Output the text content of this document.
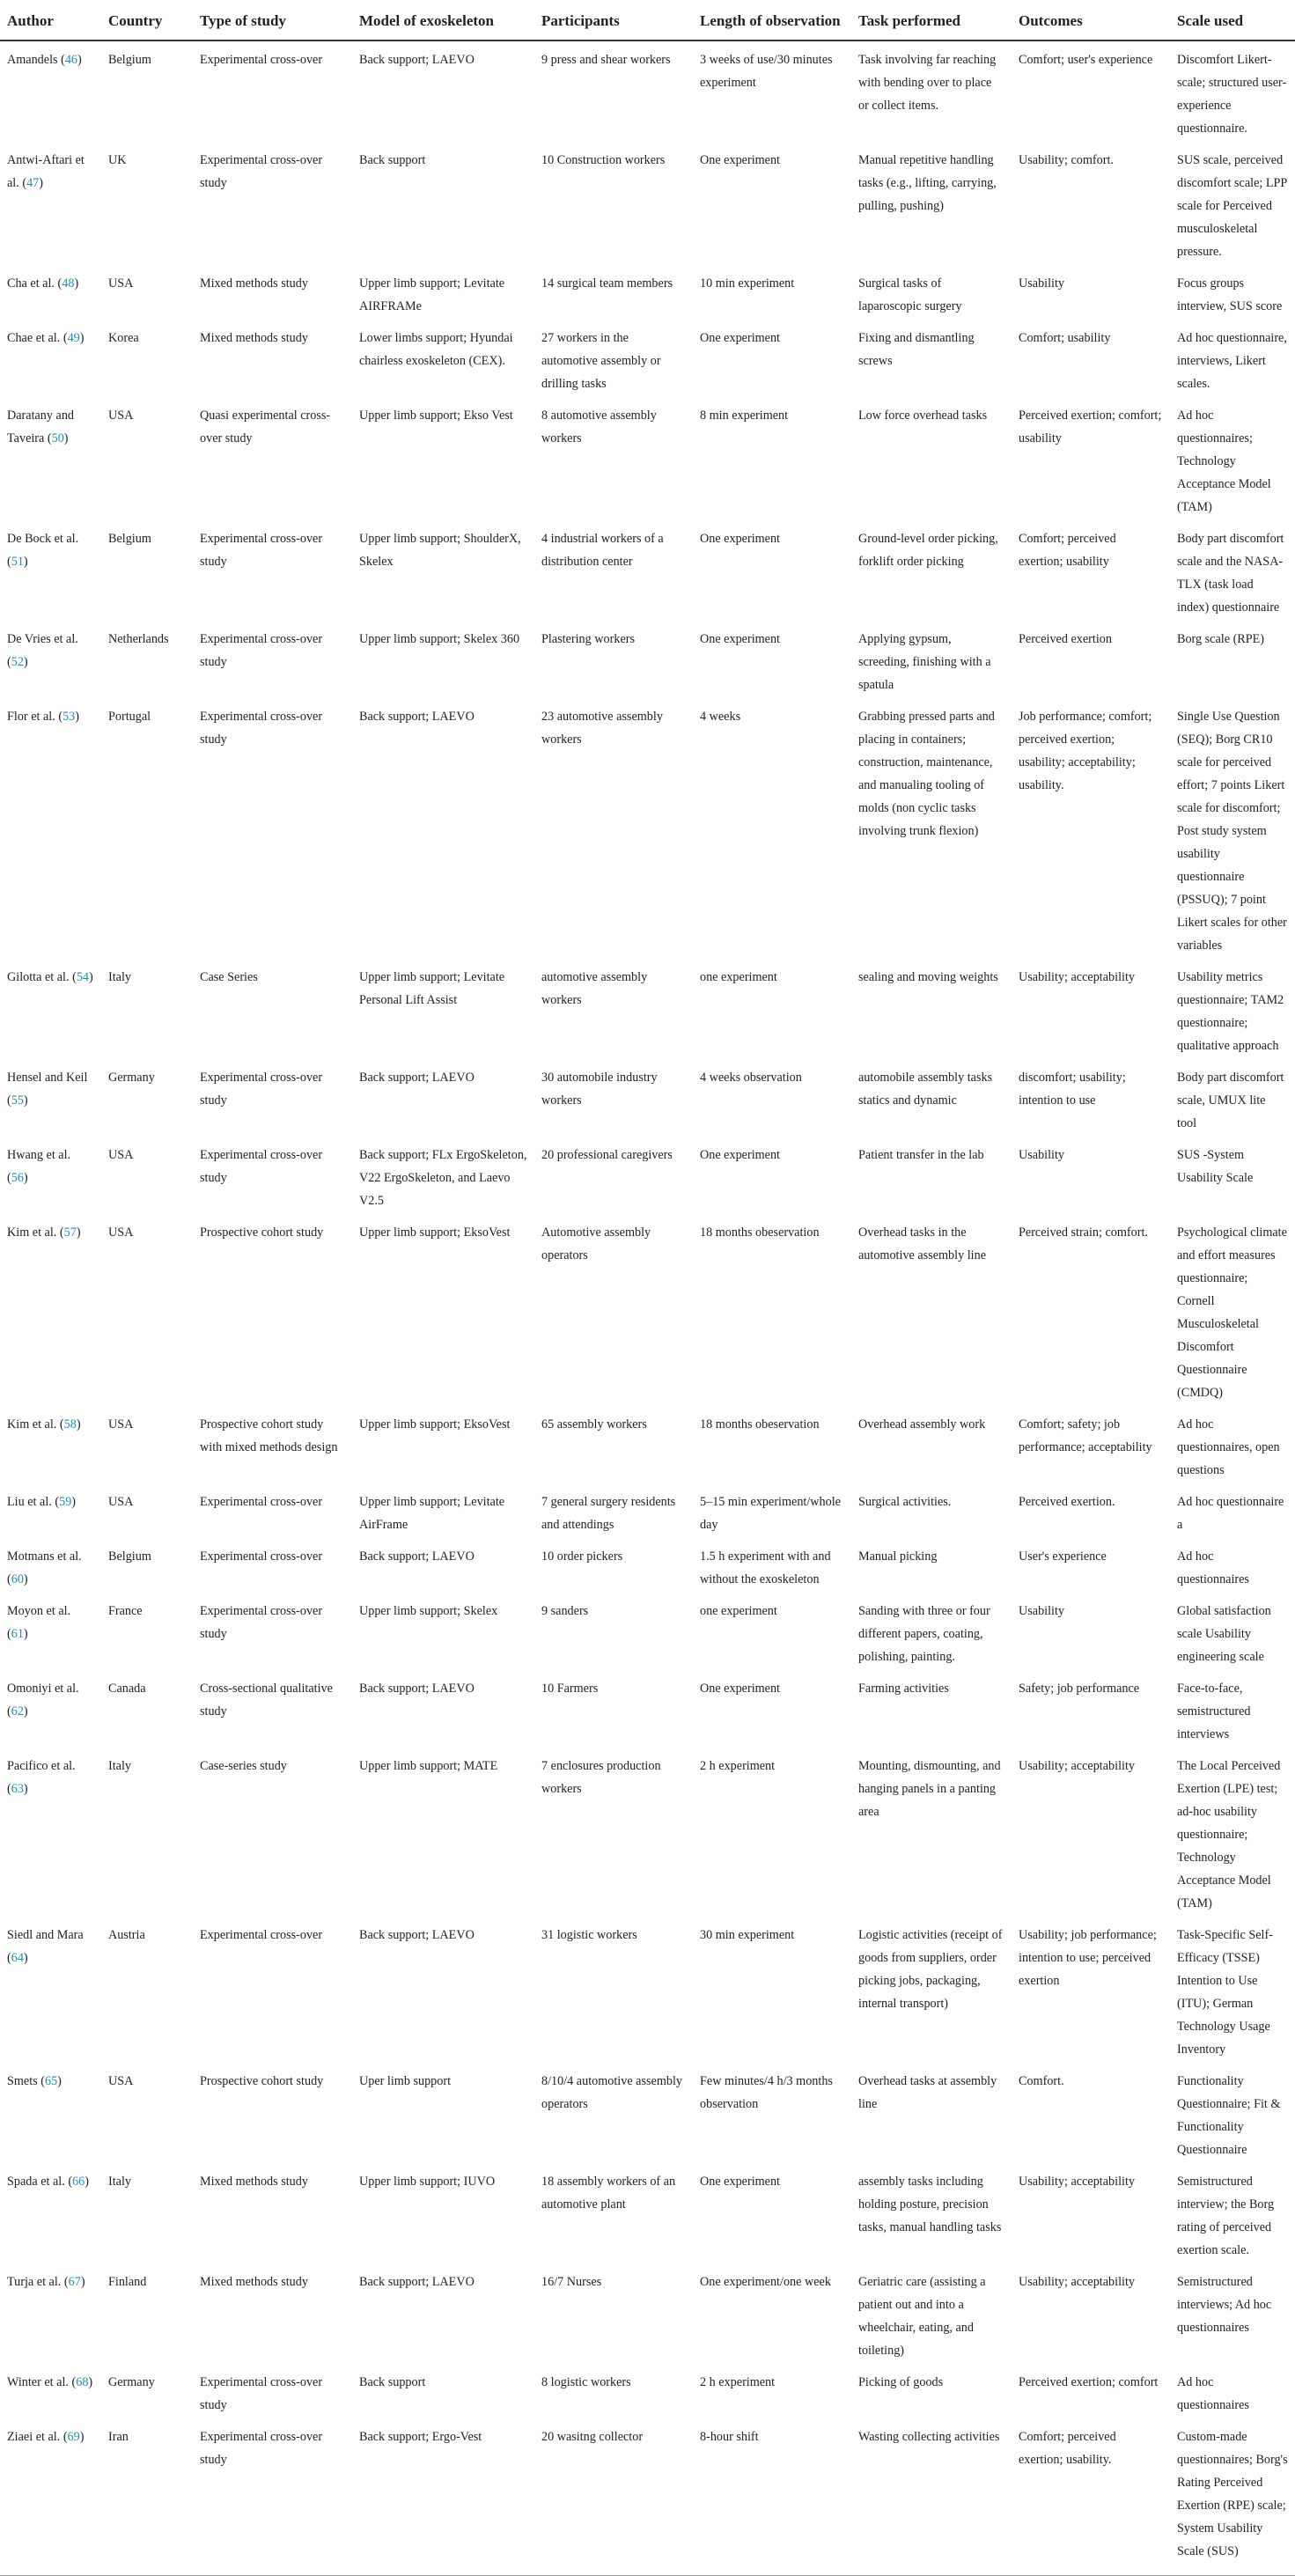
Author	Country	Type of study	Model of exoskeleton	Participants	Length of observation	Task performed	Outcomes	Scale used
Amandels (46)	Belgium	Experimental cross-over	Back support; LAEVO	9 press and shear workers	3 weeks of use/30 minutes experiment	Task involving far reaching with bending over to place or collect items.	Comfort; user's experience	Discomfort Likert-scale; structured user-experience questionnaire.
Antwi-Aftari et al. (47)	UK	Experimental cross-over study	Back support	10 Construction workers	One experiment	Manual repetitive handling tasks (e.g., lifting, carrying, pulling, pushing)	Usability; comfort.	SUS scale, perceived discomfort scale; LPP scale for Perceived musculoskeletal pressure.
Cha et al. (48)	USA	Mixed methods study	Upper limb support; Levitate AIRFRAMe	14 surgical team members	10 min experiment	Surgical tasks of laparoscopic surgery	Usability	Focus groups interview, SUS score
Chae et al. (49)	Korea	Mixed methods study	Lower limbs support; Hyundai chairless exoskeleton (CEX).	27 workers in the automotive assembly or drilling tasks	One experiment	Fixing and dismantling screws	Comfort; usability	Ad hoc questionnaire, interviews, Likert scales.
Daratany and Taveira (50)	USA	Quasi experimental cross-over study	Upper limb support; Ekso Vest	8 automotive assembly workers	8 min experiment	Low force overhead tasks	Perceived exertion; comfort; usability	Ad hoc questionnaires; Technology Acceptance Model (TAM)
De Bock et al. (51)	Belgium	Experimental cross-over study	Upper limb support; ShoulderX, Skelex	4 industrial workers of a distribution center	One experiment	Ground-level order picking, forklift order picking	Comfort; perceived exertion; usability	Body part discomfort scale and the NASA-TLX (task load index) questionnaire
De Vries et al. (52)	Netherlands	Experimental cross-over study	Upper limb support; Skelex 360	Plastering workers	One experiment	Applying gypsum, screeding, finishing with a spatula	Perceived exertion	Borg scale (RPE)
Flor et al. (53)	Portugal	Experimental cross-over study	Back support; LAEVO	23 automotive assembly workers	4 weeks	Grabbing pressed parts and placing in containers; construction, maintenance, and manualing tooling of molds (non cyclic tasks involving trunk flexion)	Job performance; comfort; perceived exertion; usability; acceptability; usability.	Single Use Question (SEQ); Borg CR10 scale for perceived effort; 7 points Likert scale for discomfort; Post study system usability questionnaire (PSSUQ); 7 point Likert scales for other variables
Gilotta et al. (54)	Italy	Case Series	Upper limb support; Levitate Personal Lift Assist	automotive assembly workers	one experiment	sealing and moving weights	Usability; acceptability	Usability metrics questionnaire; TAM2 questionnaire; qualitative approach
Hensel and Keil (55)	Germany	Experimental cross-over study	Back support; LAEVO	30 automobile industry workers	4 weeks observation	automobile assembly tasks statics and dynamic	discomfort; usability; intention to use	Body part discomfort scale, UMUX lite tool
Hwang et al. (56)	USA	Experimental cross-over study	Back support; FLx ErgoSkeleton, V22 ErgoSkeleton, and Laevo V2.5	20 professional caregivers	One experiment	Patient transfer in the lab	Usability	SUS -System Usability Scale
Kim et al. (57)	USA	Prospective cohort study	Upper limb support; EksoVest	Automotive assembly operators	18 months obeservation	Overhead tasks in the automotive assembly line	Perceived strain; comfort.	Psychological climate and effort measures questionnaire; Cornell Musculoskeletal Discomfort Questionnaire (CMDQ)
Kim et al. (58)	USA	Prospective cohort study with mixed methods design	Upper limb support; EksoVest	65 assembly workers	18 months obeservation	Overhead assembly work	Comfort; safety; job performance; acceptability	Ad hoc questionnaires, open questions
Liu et al. (59)	USA	Experimental cross-over	Upper limb support; Levitate AirFrame	7 general surgery residents and attendings	5–15 min experiment/whole day	Surgical activities.	Perceived exertion.	Ad hoc questionnaire a
Motmans et al. (60)	Belgium	Experimental cross-over	Back support; LAEVO	10 order pickers	1.5 h experiment with and without the exoskeleton	Manual picking	User's experience	Ad hoc questionnaires
Moyon et al. (61)	France	Experimental cross-over study	Upper limb support; Skelex	9 sanders	one experiment	Sanding with three or four different papers, coating, polishing, painting.	Usability	Global satisfaction scale Usability engineering scale
Omoniyi et al. (62)	Canada	Cross-sectional qualitative study	Back support; LAEVO	10 Farmers	One experiment	Farming activities	Safety; job performance	Face-to-face, semistructured interviews
Pacifico et al. (63)	Italy	Case-series study	Upper limb support; MATE	7 enclosures production workers	2 h experiment	Mounting, dismounting, and hanging panels in a panting area	Usability; acceptability	The Local Perceived Exertion (LPE) test; ad-hoc usability questionnaire; Technology Acceptance Model (TAM)
Siedl and Mara (64)	Austria	Experimental cross-over	Back support; LAEVO	31 logistic workers	30 min experiment	Logistic activities (receipt of goods from suppliers, order picking jobs, packaging, internal transport)	Usability; job performance; intention to use; perceived exertion	Task-Specific Self-Efficacy (TSSE) Intention to Use (ITU); German Technology Usage Inventory
Smets (65)	USA	Prospective cohort study	Uper limb support	8/10/4 automotive assembly operators	Few minutes/4 h/3 months observation	Overhead tasks at assembly line	Comfort.	Functionality Questionnaire; Fit & Functionality Questionnaire
Spada et al. (66)	Italy	Mixed methods study	Upper limb support; IUVO	18 assembly workers of an automotive plant	One experiment	assembly tasks including holding posture, precision tasks, manual handling tasks	Usability; acceptability	Semistructured interview; the Borg rating of perceived exertion scale.
Turja et al. (67)	Finland	Mixed methods study	Back support; LAEVO	16/7 Nurses	One experiment/one week	Geriatric care (assisting a patient out and into a wheelchair, eating, and toileting)	Usability; acceptability	Semistructured interviews; Ad hoc questionnaires
Winter et al. (68)	Germany	Experimental cross-over study	Back support	8 logistic workers	2 h experiment	Picking of goods	Perceived exertion; comfort	Ad hoc questionnaires
Ziaei et al. (69)	Iran	Experimental cross-over study	Back support; Ergo-Vest	20 wasitng collector	8-hour shift	Wasting collecting activities	Comfort; perceived exertion; usability.	Custom-made questionnaires; Borg's Rating Perceived Exertion (RPE) scale; System Usability Scale (SUS)
